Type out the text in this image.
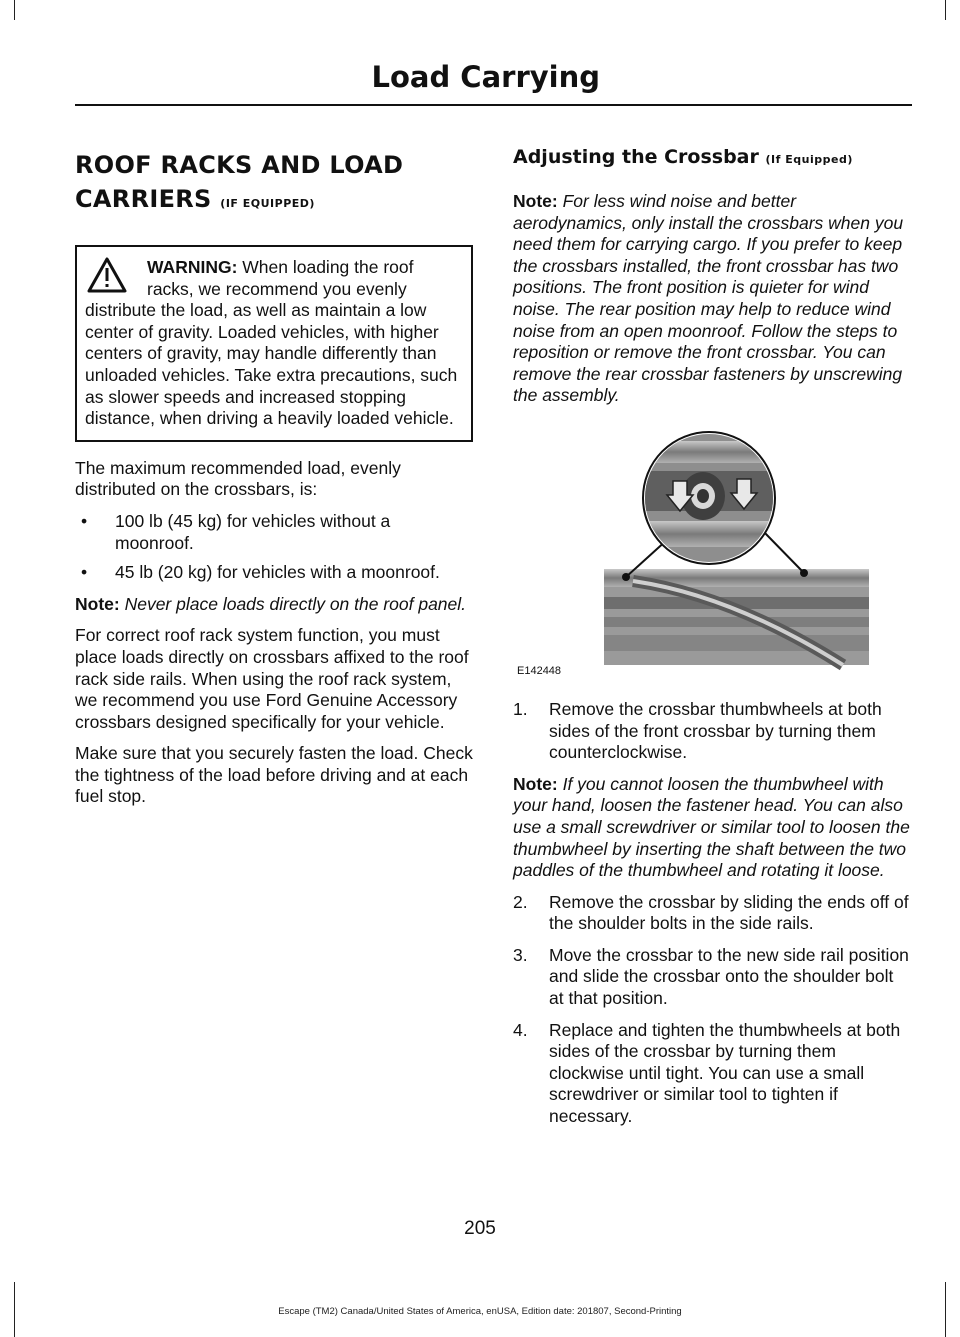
Load Carrying
ROOF RACKS AND LOAD CARRIERS (IF EQUIPPED)

WARNING: When loading the roof racks, we recommend you evenly distribute the load, as well as maintain a low center of gravity. Loaded vehicles, with higher centers of gravity, may handle differently than unloaded vehicles. Take extra precautions, such as slower speeds and increased stopping distance, when driving a heavily loaded vehicle.

The maximum recommended load, evenly distributed on the crossbars, is:

• 100 lb (45 kg) for vehicles without a moonroof.
• 45 lb (20 kg) for vehicles with a moonroof.

Note: Never place loads directly on the roof panel.

For correct roof rack system function, you must place loads directly on crossbars affixed to the roof rack side rails. When using the roof rack system, we recommend you use Ford Genuine Accessory crossbars designed specifically for your vehicle.

Make sure that you securely fasten the load. Check the tightness of the load before driving and at each fuel stop.

Adjusting the Crossbar (If Equipped)

Note: For less wind noise and better aerodynamics, only install the crossbars when you need them for carrying cargo. If you prefer to keep the crossbars installed, the front crossbar has two positions. The front position is quieter for wind noise. The rear position may help to reduce wind noise from an open moonroof. Follow the steps to reposition or remove the front crossbar. You can remove the rear crossbar fasteners by unscrewing the assembly.

E142448
1. Remove the crossbar thumbwheels at both sides of the front crossbar by turning them counterclockwise.

Note: If you cannot loosen the thumbwheel with your hand, loosen the fastener head. You can also use a small screwdriver or similar tool to loosen the thumbwheel by inserting the shaft between the two paddles of the thumbwheel and rotating it loose.

2. Remove the crossbar by sliding the ends off of the shoulder bolts in the side rails.
3. Move the crossbar to the new side rail position and slide the crossbar onto the shoulder bolt at that position.
4. Replace and tighten the thumbwheels at both sides of the crossbar by turning them clockwise until tight. You can use a small screwdriver or similar tool to tighten if necessary.
205
Escape (TM2) Canada/United States of America, enUSA, Edition date: 201807, Second-Printing
